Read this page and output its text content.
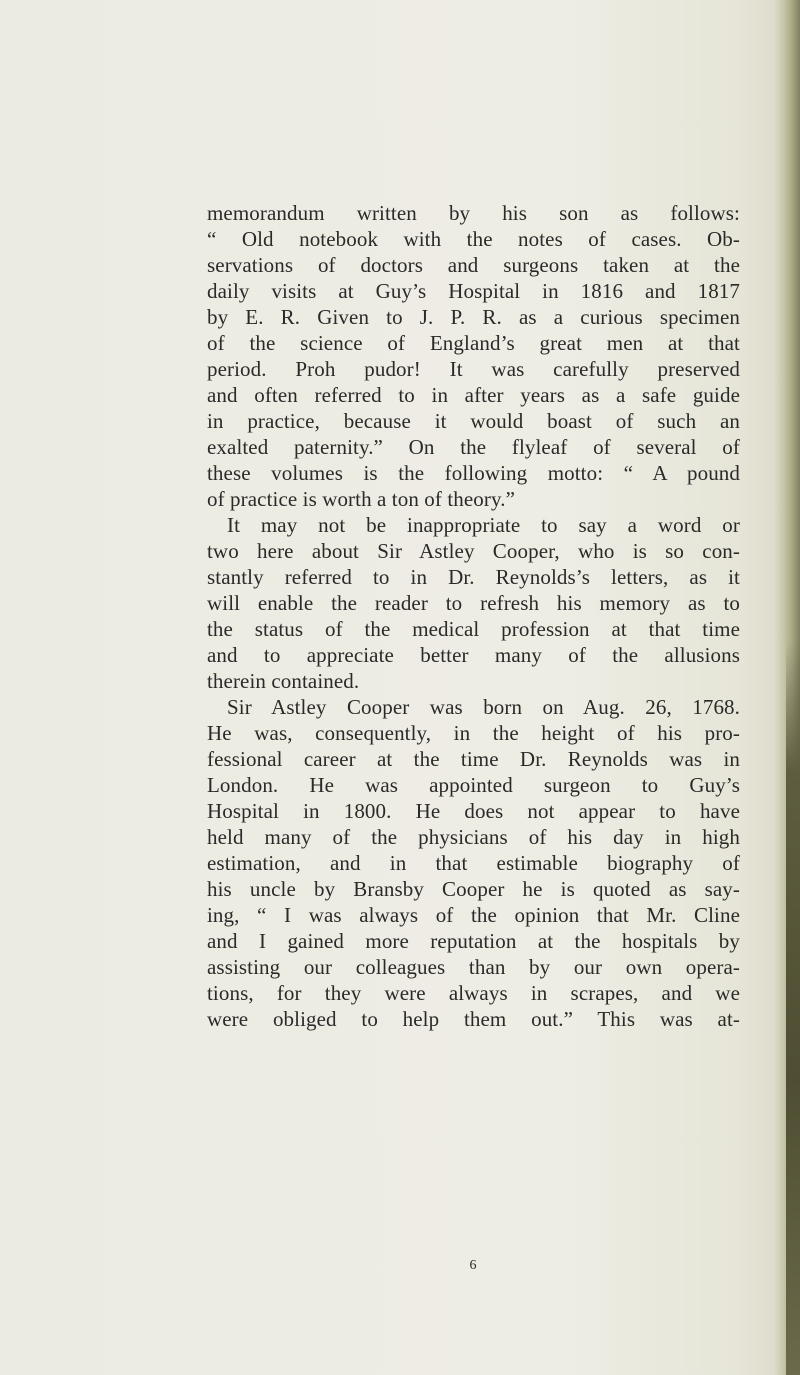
memorandum written by his son as follows:
“ Old notebook with the notes of cases. Ob-
servations of doctors and surgeons taken at the
daily visits at Guy’s Hospital in 1816 and 1817
by E. R. Given to J. P. R. as a curious specimen
of the science of England’s great men at that
period. Proh pudor! It was carefully preserved
and often referred to in after years as a safe guide
in practice, because it would boast of such an
exalted paternity.” On the flyleaf of several of
these volumes is the following motto: “ A pound
of practice is worth a ton of theory.”
It may not be inappropriate to say a word or
two here about Sir Astley Cooper, who is so con-
stantly referred to in Dr. Reynolds’s letters, as it
will enable the reader to refresh his memory as to
the status of the medical profession at that time
and to appreciate better many of the allusions
therein contained.
Sir Astley Cooper was born on Aug. 26, 1768.
He was, consequently, in the height of his pro-
fessional career at the time Dr. Reynolds was in
London. He was appointed surgeon to Guy’s
Hospital in 1800. He does not appear to have
held many of the physicians of his day in high
estimation, and in that estimable biography of
his uncle by Bransby Cooper he is quoted as say-
ing, “ I was always of the opinion that Mr. Cline
and I gained more reputation at the hospitals by
assisting our colleagues than by our own opera-
tions, for they were always in scrapes, and we
were obliged to help them out.” This was at-
6
